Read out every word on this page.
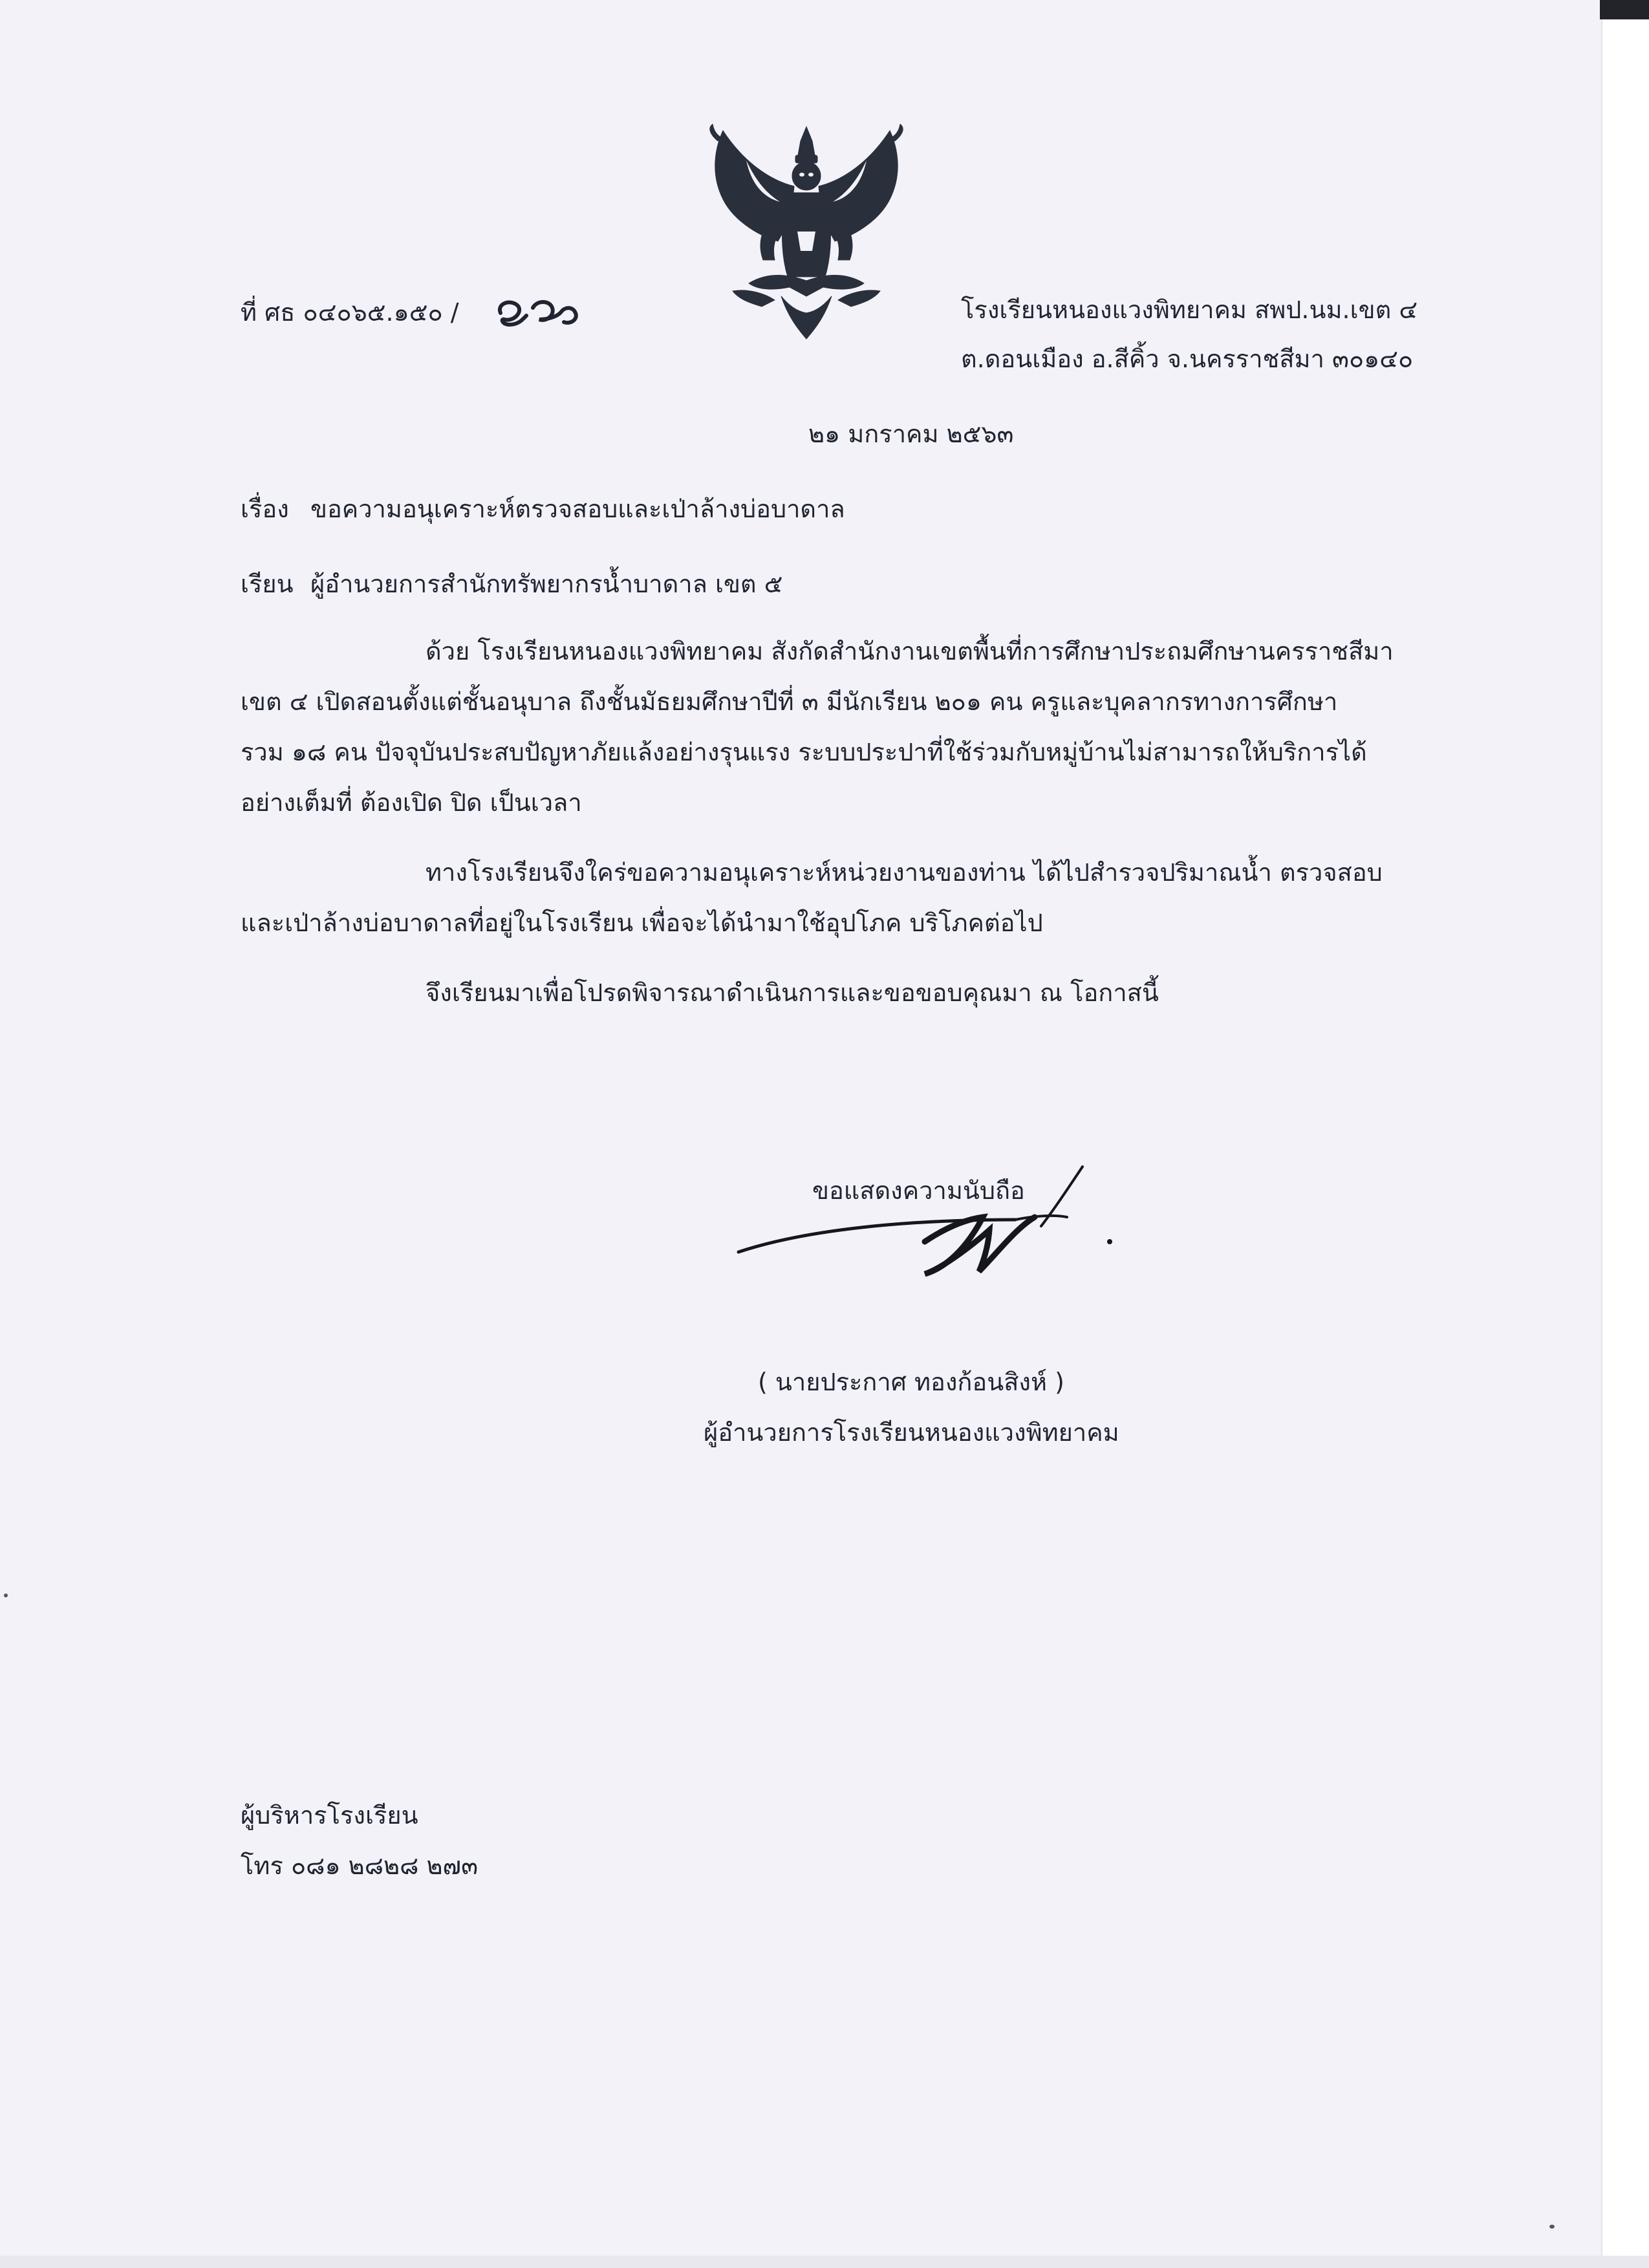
ที่ ศธ ๐๔๐๖๕.๑๕๐ /	โรงเรียนหนองแวงพิทยาคม สพป.นม.เขต ๔
ต.ดอนเมือง อ.สีคิ้ว จ.นครราชสีมา ๓๐๑๔๐
๒๑ มกราคม ๒๕๖๓
เรื่อง ขอความอนุเคราะห์ตรวจสอบและเป่าล้างบ่อบาดาล
เรียน ผู้อำนวยการสำนักทรัพยากรน้ำบาดาล เขต ๕
ด้วย โรงเรียนหนองแวงพิทยาคม สังกัดสำนักงานเขตพื้นที่การศึกษาประถมศึกษานครราชสีมา
เขต ๔ เปิดสอนตั้งแต่ชั้นอนุบาล ถึงชั้นมัธยมศึกษาปีที่ ๓ มีนักเรียน ๒๐๑ คน ครูและบุคลากรทางการศึกษา
รวม ๑๘ คน ปัจจุบันประสบปัญหาภัยแล้งอย่างรุนแรง ระบบประปาที่ใช้ร่วมกับหมู่บ้านไม่สามารถให้บริการได้
อย่างเต็มที่ ต้องเปิด ปิด เป็นเวลา
ทางโรงเรียนจึงใคร่ขอความอนุเคราะห์หน่วยงานของท่าน ได้ไปสำรวจปริมาณน้ำ ตรวจสอบ
และเป่าล้างบ่อบาดาลที่อยู่ในโรงเรียน เพื่อจะได้นำมาใช้อุปโภค บริโภคต่อไป
จึงเรียนมาเพื่อโปรดพิจารณาดำเนินการและขอขอบคุณมา ณ โอกาสนี้
ขอแสดงความนับถือ
( นายประกาศ ทองก้อนสิงห์ )
ผู้อำนวยการโรงเรียนหนองแวงพิทยาคม
ผู้บริหารโรงเรียน
โทร ๐๘๑ ๒๘๒๘ ๒๗๓
